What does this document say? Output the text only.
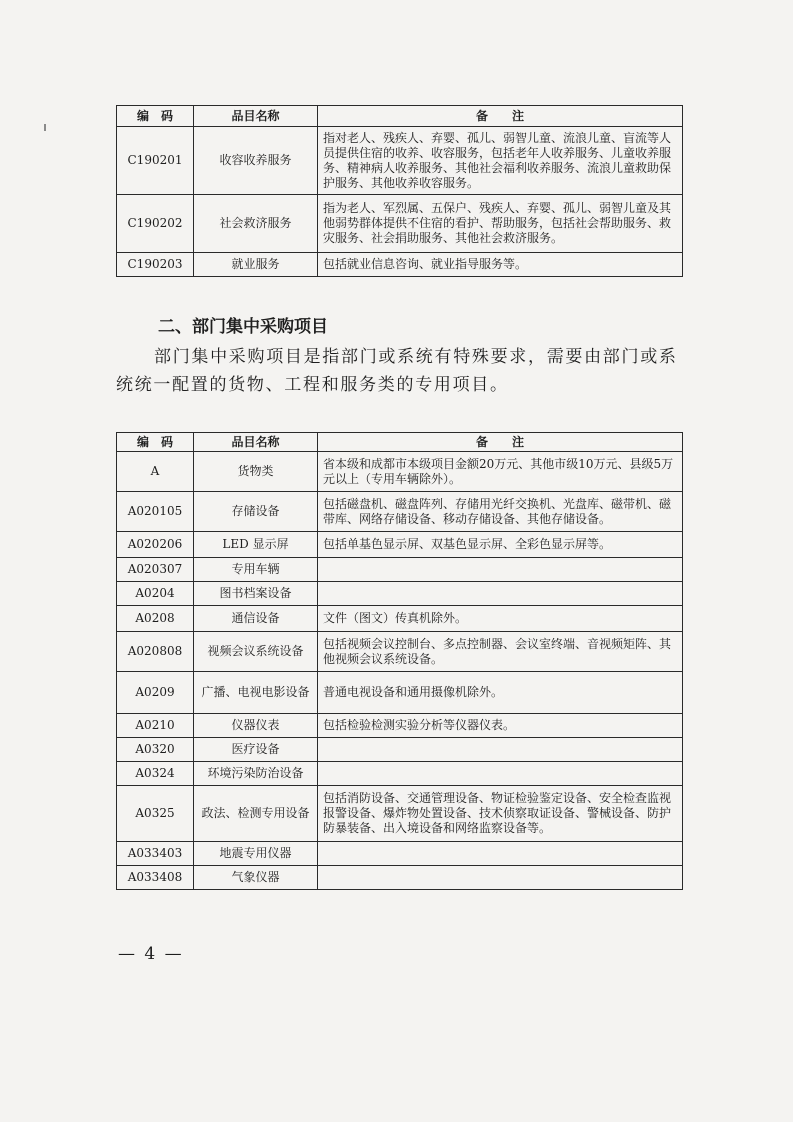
编　码	品目名称	备　　注
C190201	收容收养服务	指对老人、残疾人、弃婴、孤儿、弱智儿童、流浪儿童、盲流等人员提供住宿的收养、收容服务，包括老年人收养服务、儿童收养服务、精神病人收养服务、其他社会福利收养服务、流浪儿童救助保护服务、其他收养收容服务。
C190202	社会救济服务	指为老人、军烈属、五保户、残疾人、弃婴、孤儿、弱智儿童及其他弱势群体提供不住宿的看护、帮助服务，包括社会帮助服务、救灾服务、社会捐助服务、其他社会救济服务。
C190203	就业服务	包括就业信息咨询、就业指导服务等。
二、部门集中采购项目

部门集中采购项目是指部门或系统有特殊要求，需要由部门或系统统一配置的货物、工程和服务类的专用项目。

编　码	品目名称	备　　注
A	货物类	省本级和成都市本级项目金额20万元、其他市级10万元、县级5万元以上（专用车辆除外）。
A020105	存储设备	包括磁盘机、磁盘阵列、存储用光纤交换机、光盘库、磁带机、磁带库、网络存储设备、移动存储设备、其他存储设备。
A020206	LED 显示屏	包括单基色显示屏、双基色显示屏、全彩色显示屏等。
A020307	专用车辆	
A0204	图书档案设备	
A0208	通信设备	文件（图文）传真机除外。
A020808	视频会议系统设备	包括视频会议控制台、多点控制器、会议室终端、音视频矩阵、其他视频会议系统设备。
A0209	广播、电视电影设备	普通电视设备和通用摄像机除外。
A0210	仪器仪表	包括检验检测实验分析等仪器仪表。
A0320	医疗设备	
A0324	环境污染防治设备	
A0325	政法、检测专用设备	包括消防设备、交通管理设备、物证检验鉴定设备、安全检查监视报警设备、爆炸物处置设备、技术侦察取证设备、警械设备、防护防暴装备、出入境设备和网络监察设备等。
A033403	地震专用仪器	
A033408	气象仪器	
— 4 —
